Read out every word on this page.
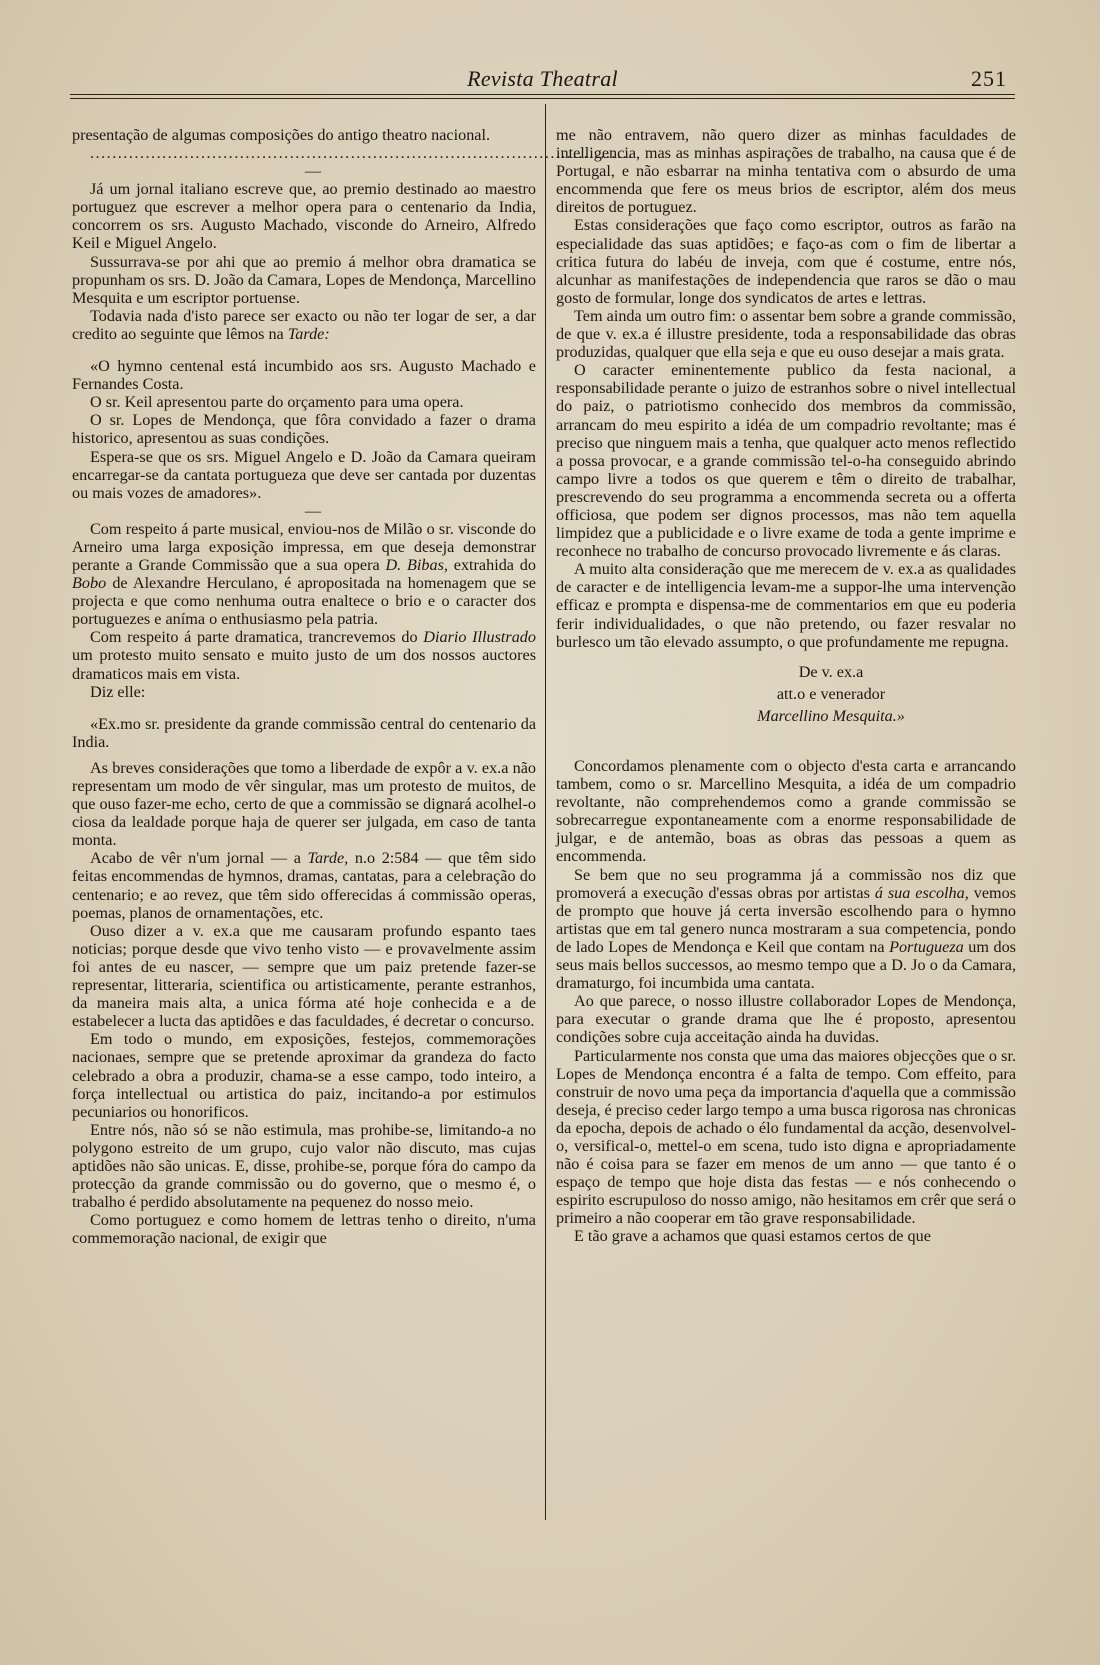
Revista Theatral	251

presentação de algumas composições do antigo theatro nacional.

..................................................................................................

—

Já um jornal italiano escreve que, ao premio destinado ao maestro portuguez que escrever a melhor opera para o centenario da India, concorrem os srs. Augusto Machado, visconde do Arneiro, Alfredo Keil e Miguel Angelo.

Sussurrava-se por ahi que ao premio á melhor obra dramatica se propunham os srs. D. João da Camara, Lopes de Mendonça, Marcellino Mesquita e um escriptor portuense.

Todavia nada d'isto parece ser exacto ou não ter logar de ser, a dar credito ao seguinte que lêmos na Tarde:

«O hymno centenal está incumbido aos srs. Augusto Machado e Fernandes Costa.

O sr. Keil apresentou parte do orçamento para uma opera.

O sr. Lopes de Mendonça, que fôra convidado a fazer o drama historico, apresentou as suas condições.

Espera-se que os srs. Miguel Angelo e D. João da Camara queiram encarregar-se da cantata portugueza que deve ser cantada por duzentas ou mais vozes de amadores».

—

Com respeito á parte musical, enviou-nos de Milão o sr. visconde do Arneiro uma larga exposição impressa, em que deseja demonstrar perante a Grande Commissão que a sua opera D. Bibas, extrahida do Bobo de Alexandre Herculano, é apropositada na homenagem que se projecta e que como nenhuma outra enaltece o brio e o caracter dos portuguezes e aníma o enthusiasmo pela patria.

Com respeito á parte dramatica, trancrevemos do Diario Illustrado um protesto muito sensato e muito justo de um dos nossos auctores dramaticos mais em vista.

Diz elle:

«Ex.mo sr. presidente da grande commissão central do centenario da India.

As breves considerações que tomo a liberdade de expôr a v. ex.a não representam um modo de vêr singular, mas um protesto de muitos, de que ouso fazer-me echo, certo de que a commissão se dignará acolhel-o ciosa da lealdade porque haja de querer ser julgada, em caso de tanta monta.

Acabo de vêr n'um jornal — a Tarde, n.o 2:584 — que têm sido feitas encommendas de hymnos, dramas, cantatas, para a celebração do centenario; e ao revez, que têm sido offerecidas á commissão operas, poemas, planos de ornamentações, etc.

Ouso dizer a v. ex.a que me causaram profundo espanto taes noticias; porque desde que vivo tenho visto — e provavelmente assim foi antes de eu nascer, — sempre que um paiz pretende fazer-se representar, litteraria, scientifica ou artisticamente, perante estranhos, da maneira mais alta, a unica fórma até hoje conhecida e a de estabelecer a lucta das aptidões e das faculdades, é decretar o concurso.

Em todo o mundo, em exposições, festejos, commemorações nacionaes, sempre que se pretende aproximar da grandeza do facto celebrado a obra a produzir, chama-se a esse campo, todo inteiro, a força intellectual ou artistica do paiz, incitando-a por estimulos pecuniarios ou honorificos.

Entre nós, não só se não estimula, mas prohibe-se, limitando-a no polygono estreito de um grupo, cujo valor não discuto, mas cujas aptidões não são unicas. E, disse, prohibe-se, porque fóra do campo da protecção da grande commissão ou do governo, que o mesmo é, o trabalho é perdido absolutamente na pequenez do nosso meio.

Como portuguez e como homem de lettras tenho o direito, n'uma commemoração nacional, de exigir que

me não entravem, não quero dizer as minhas faculdades de intelligencia, mas as minhas aspirações de trabalho, na causa que é de Portugal, e não esbarrar na minha tentativa com o absurdo de uma encommenda que fere os meus brios de escriptor, além dos meus direitos de portuguez.

Estas considerações que faço como escriptor, outros as farão na especialidade das suas aptidões; e faço-as com o fim de libertar a critica futura do labéu de inveja, com que é costume, entre nós, alcunhar as manifestações de independencia que raros se dão o mau gosto de formular, longe dos syndicatos de artes e lettras.

Tem ainda um outro fim: o assentar bem sobre a grande commissão, de que v. ex.a é illustre presidente, toda a responsabilidade das obras produzidas, qualquer que ella seja e que eu ouso desejar a mais grata.

O caracter eminentemente publico da festa nacional, a responsabilidade perante o juizo de estranhos sobre o nivel intellectual do paiz, o patriotismo conhecido dos membros da commissão, arrancam do meu espirito a idéa de um compadrio revoltante; mas é preciso que ninguem mais a tenha, que qualquer acto menos reflectido a possa provocar, e a grande commissão tel-o-ha conseguido abrindo campo livre a todos os que querem e têm o direito de trabalhar, prescrevendo do seu programma a encommenda secreta ou a offerta officiosa, que podem ser dignos processos, mas não tem aquella limpidez que a publicidade e o livre exame de toda a gente imprime e reconhece no trabalho de concurso provocado livremente e ás claras.

A muito alta consideração que me merecem de v. ex.a as qualidades de caracter e de intelligencia levam-me a suppor-lhe uma intervenção efficaz e prompta e dispensa-me de commentarios em que eu poderia ferir individualidades, o que não pretendo, ou fazer resvalar no burlesco um tão elevado assumpto, o que profundamente me repugna.

De v. ex.a

att.o e venerador

Marcellino Mesquita.»

Concordamos plenamente com o objecto d'esta carta e arrancando tambem, como o sr. Marcellino Mesquita, a idéa de um compadrio revoltante, não comprehendemos como a grande commissão se sobrecarregue expontaneamente com a enorme responsabilidade de julgar, e de antemão, boas as obras das pessoas a quem as encommenda.

Se bem que no seu programma já a commissão nos diz que promoverá a execução d'essas obras por artistas á sua escolha, vemos de prompto que houve já certa inversão escolhendo para o hymno artistas que em tal genero nunca mostraram a sua competencia, pondo de lado Lopes de Mendonça e Keil que contam na Portugueza um dos seus mais bellos successos, ao mesmo tempo que a D. Jo o da Camara, dramaturgo, foi incumbida uma cantata.

Ao que parece, o nosso illustre collaborador Lopes de Mendonça, para executar o grande drama que lhe é proposto, apresentou condições sobre cuja acceitação ainda ha duvidas.

Particularmente nos consta que uma das maiores objecções que o sr. Lopes de Mendonça encontra é a falta de tempo. Com effeito, para construir de novo uma peça da importancia d'aquella que a commissão deseja, é preciso ceder largo tempo a uma busca rigorosa nas chronicas da epocha, depois de achado o élo fundamental da acção, desenvolvel-o, versifical-o, mettel-o em scena, tudo isto digna e apropriadamente não é coisa para se fazer em menos de um anno — que tanto é o espaço de tempo que hoje dista das festas — e nós conhecendo o espirito escrupuloso do nosso amigo, não hesitamos em crêr que será o primeiro a não cooperar em tão grave responsabilidade.

E tão grave a achamos que quasi estamos certos de que
